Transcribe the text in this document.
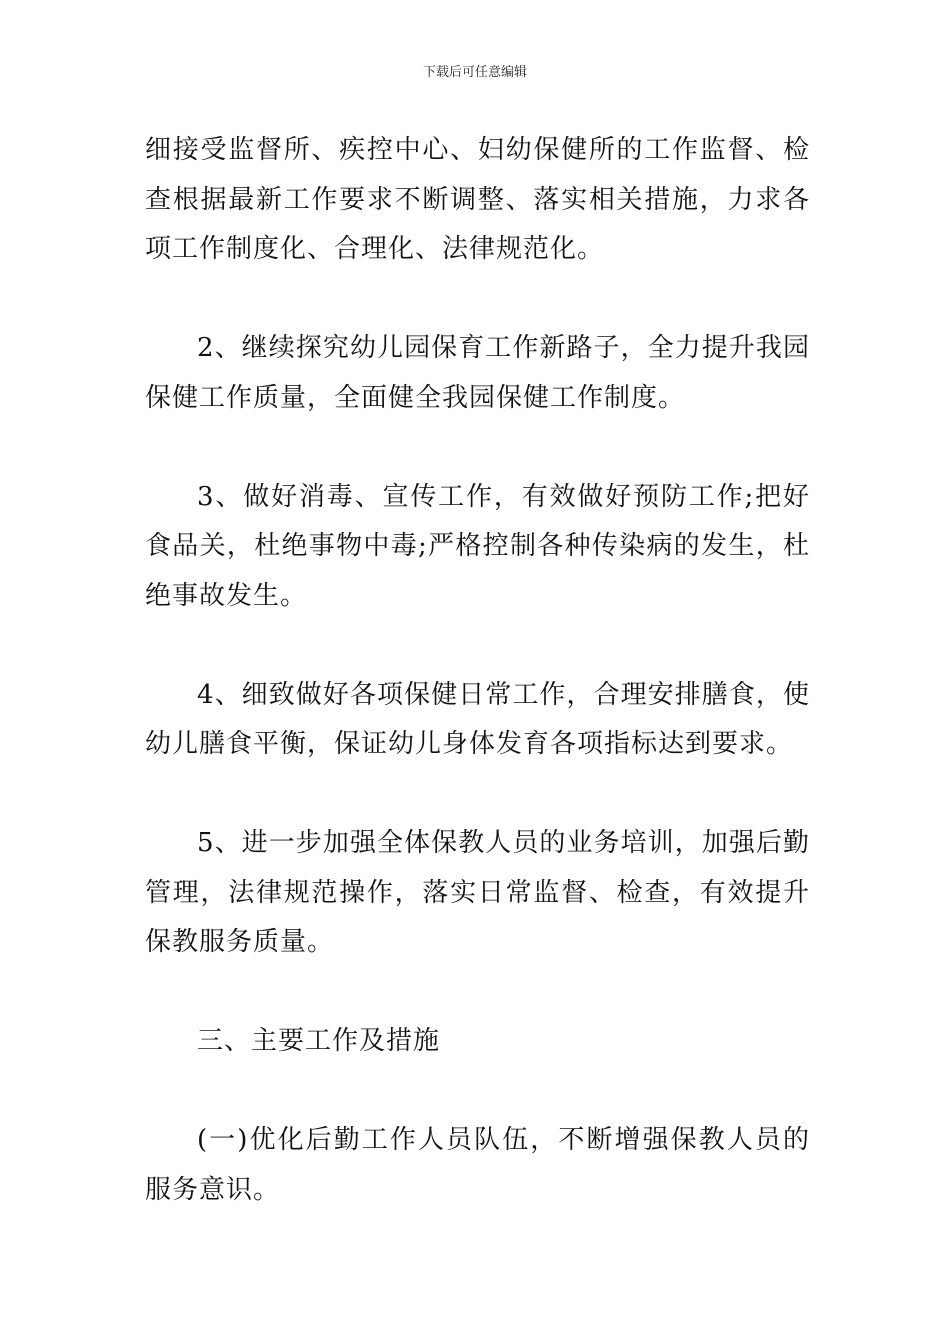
下载后可任意编辑

细接受监督所、疾控中心、妇幼保健所的工作监督、检查根据最新工作要求不断调整、落实相关措施，力求各项工作制度化、合理化、法律规范化。

2、继续探究幼儿园保育工作新路子，全力提升我园保健工作质量，全面健全我园保健工作制度。

3、做好消毒、宣传工作，有效做好预防工作;把好食品关，杜绝事物中毒;严格控制各种传染病的发生，杜绝事故发生。

4、细致做好各项保健日常工作，合理安排膳食，使幼儿膳食平衡，保证幼儿身体发育各项指标达到要求。

5、进一步加强全体保教人员的业务培训，加强后勤管理，法律规范操作，落实日常监督、检查，有效提升保教服务质量。

三、主要工作及措施

(一)优化后勤工作人员队伍，不断增强保教人员的服务意识。
